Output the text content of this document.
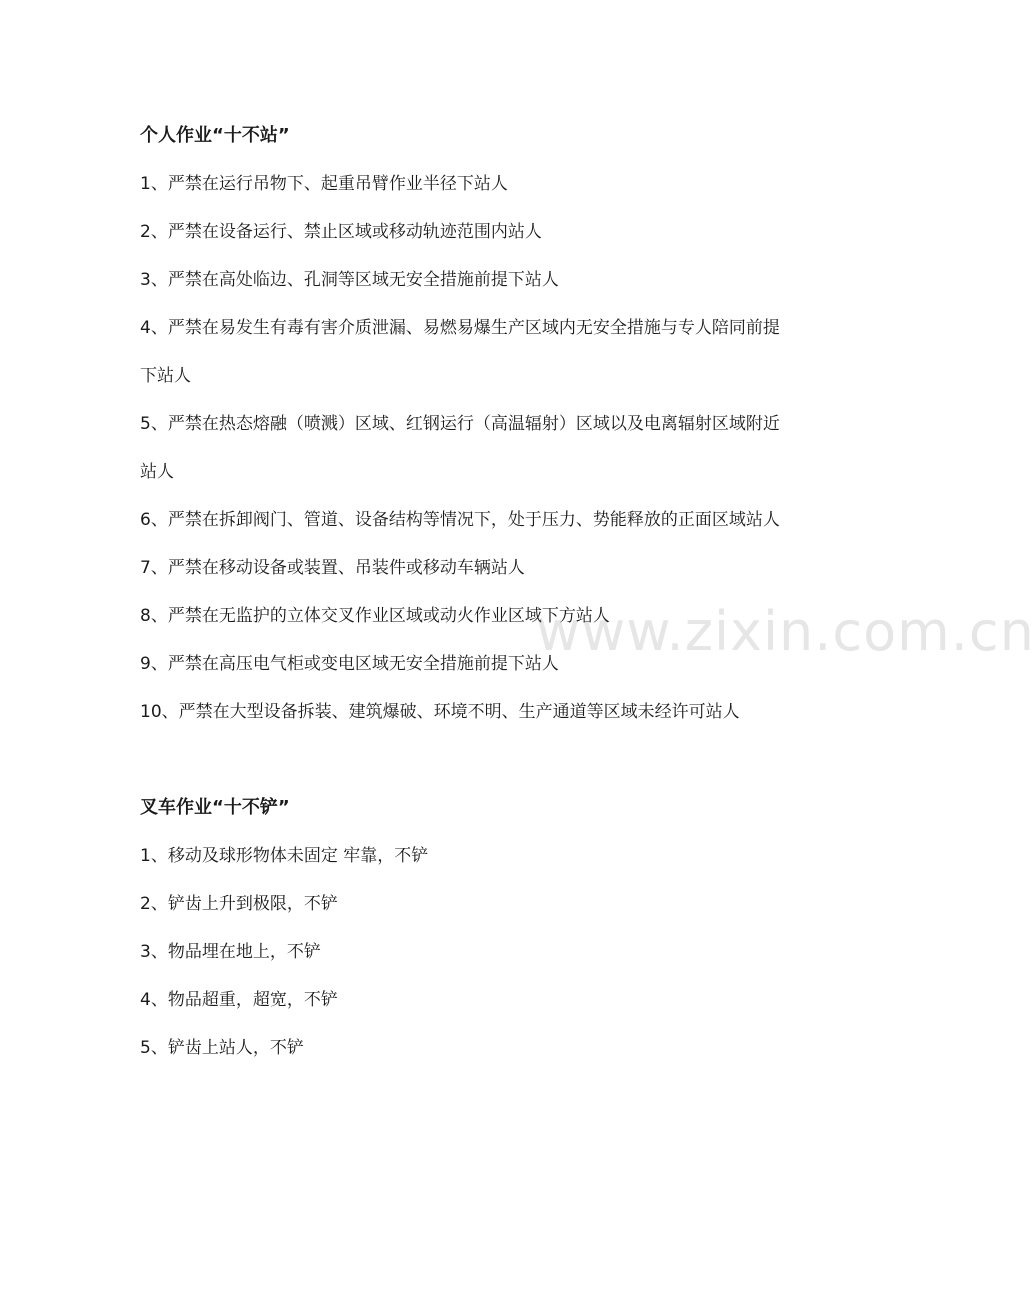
个人作业“十不站”

1、严禁在运行吊物下、起重吊臂作业半径下站人

2、严禁在设备运行、禁止区域或移动轨迹范围内站人

3、严禁在高处临边、孔洞等区域无安全措施前提下站人

4、严禁在易发生有毒有害介质泄漏、易燃易爆生产区域内无安全措施与专人陪同前提下站人

5、严禁在热态熔融（喷溅）区域、红钢运行（高温辐射）区域以及电离辐射区域附近站人

6、严禁在拆卸阀门、管道、设备结构等情况下，处于压力、势能释放的正面区域站人

7、严禁在移动设备或装置、吊装件或移动车辆站人

8、严禁在无监护的立体交叉作业区域或动火作业区域下方站人

9、严禁在高压电气柜或变电区域无安全措施前提下站人

10、严禁在大型设备拆装、建筑爆破、环境不明、生产通道等区域未经许可站人

叉车作业“十不铲”

1、移动及球形物体未固定 牢靠，不铲

2、铲齿上升到极限，不铲

3、物品埋在地上，不铲

4、物品超重，超宽，不铲

5、铲齿上站人，不铲

www.zixin.com.cn
